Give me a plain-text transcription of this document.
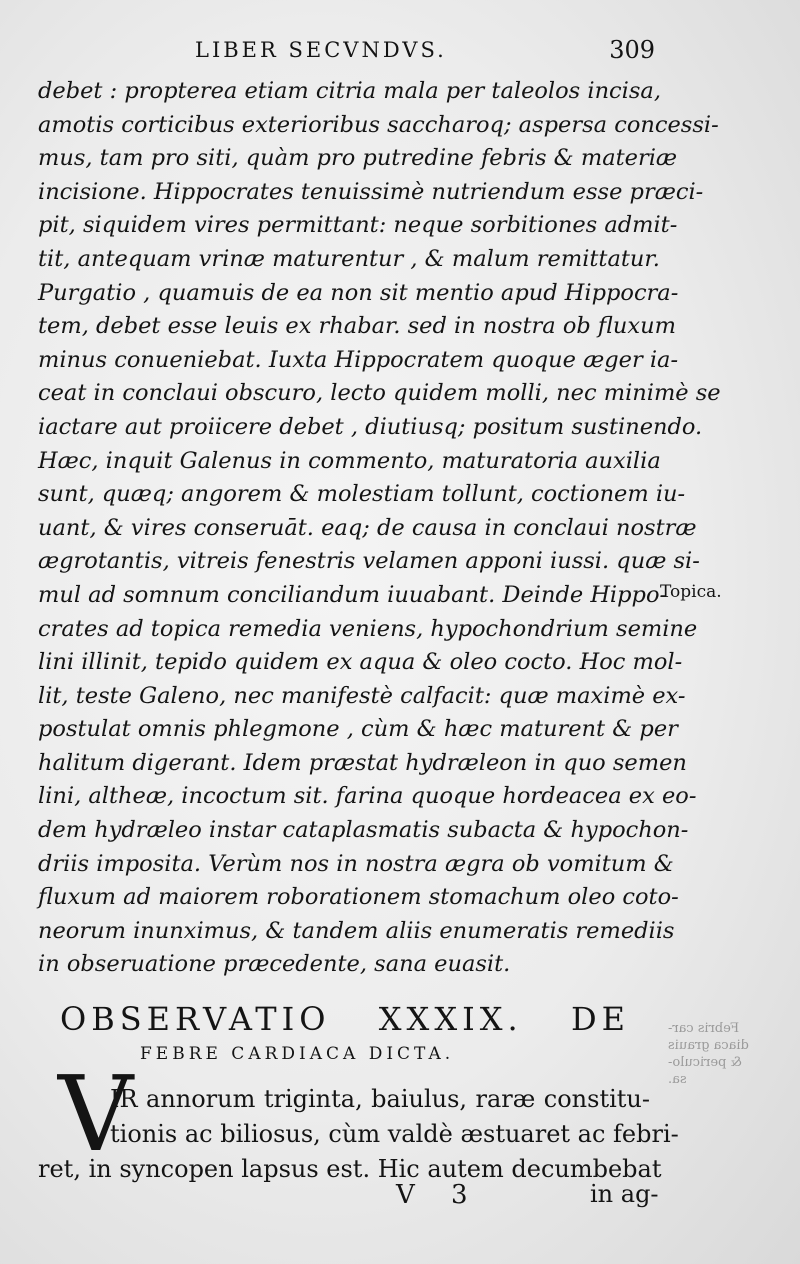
LIBER SECVNDVS.	309
debet : propterea etiam citria mala per taleolos incisa,
amotis corticibus exterioribus saccharoq; aspersa concessi-
mus, tam pro siti, quàm pro putredine febris & materiæ
incisione. Hippocrates tenuissimè nutriendum esse præci-
pit, siquidem vires permittant: neque sorbitiones admit-
tit, antequam vrinæ maturentur , & malum remittatur.
Purgatio , quamuis de ea non sit mentio apud Hippocra-
tem, debet esse leuis ex rhabar. sed in nostra ob fluxum
minus conueniebat. Iuxta Hippocratem quoque æger ia-
ceat in conclaui obscuro, lecto quidem molli, nec minimè se
iactare aut proiicere debet , diutiusq; positum sustinendo.
Hæc, inquit Galenus in commento, maturatoria auxilia
sunt, quæq; angorem & molestiam tollunt, coctionem iu-
uant, & vires conseruāt. eaq; de causa in conclaui nostræ
ægrotantis, vitreis fenestris velamen apponi iussi. quæ si-
mul ad somnum conciliandum iuuabant. Deinde Hippo-
crates ad topica remedia veniens, hypochondrium semine
lini illinit, tepido quidem ex aqua & oleo cocto. Hoc mol-
lit, teste Galeno, nec manifestè calfacit: quæ maximè ex-
postulat omnis phlegmone , cùm & hæc maturent & per
halitum digerant. Idem præstat hydræleon in quo semen
lini, altheæ, incoctum sit. farina quoque hordeacea ex eo-
dem hydræleo instar cataplasmatis subacta & hypochon-
driis imposita. Verùm nos in nostra ægra ob vomitum &
fluxum ad maiorem roborationem stomachum oleo coto-
neorum inunximus, & tandem aliis enumeratis remediis
in obseruatione præcedente, sana euasit.
Topica.
Febris car-
diaca grauis
& periculo-
sa.
OBSERVATIO XXXIX. DE
FEBRE CARDIACA DICTA.
V
IR annorum triginta, baiulus, raræ constitu-
tionis ac biliosus, cùm valdè æstuaret ac febri-
ret, in syncopen lapsus est. Hic autem decumbebat
V 3	in ag-
